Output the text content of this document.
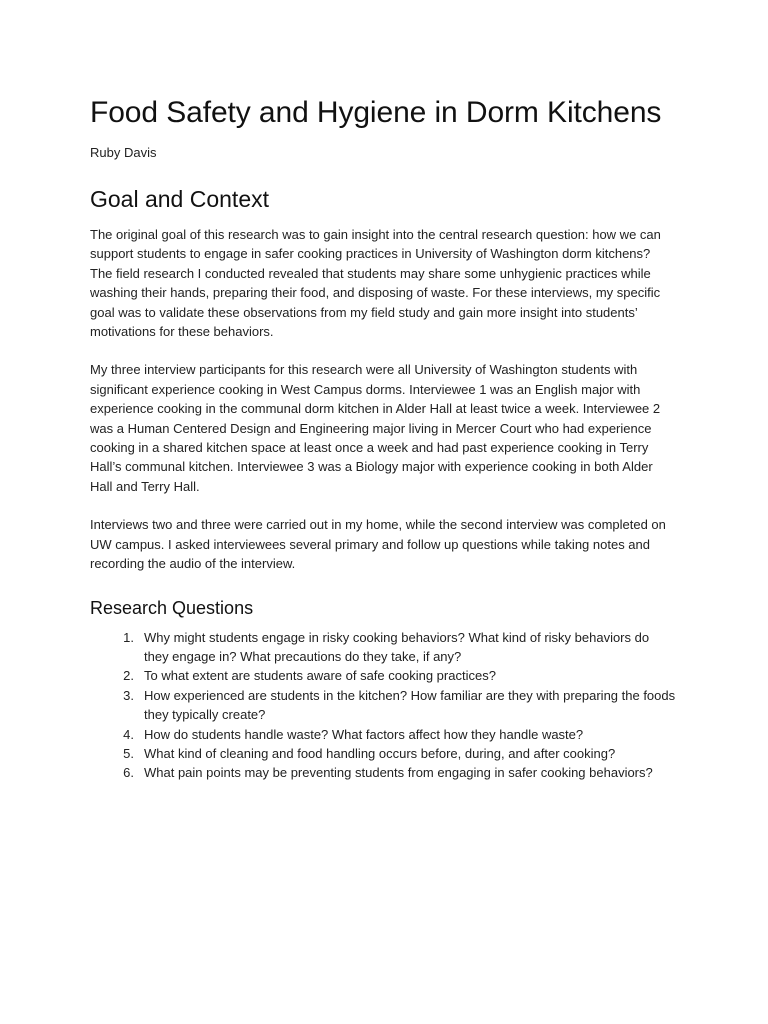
Food Safety and Hygiene in Dorm Kitchens

Ruby Davis

Goal and Context

The original goal of this research was to gain insight into the central research question: how we can support students to engage in safer cooking practices in University of Washington dorm kitchens? The field research I conducted revealed that students may share some unhygienic practices while washing their hands, preparing their food, and disposing of waste. For these interviews, my specific goal was to validate these observations from my field study and gain more insight into students’ motivations for these behaviors.

My three interview participants for this research were all University of Washington students with significant experience cooking in West Campus dorms. Interviewee 1 was an English major with experience cooking in the communal dorm kitchen in Alder Hall at least twice a week. Interviewee 2 was a Human Centered Design and Engineering major living in Mercer Court who had experience cooking in a shared kitchen space at least once a week and had past experience cooking in Terry Hall’s communal kitchen. Interviewee 3 was a Biology major with experience cooking in both Alder Hall and Terry Hall.

Interviews two and three were carried out in my home, while the second interview was completed on UW campus. I asked interviewees several primary and follow up questions while taking notes and recording the audio of the interview.

Research Questions
1. Why might students engage in risky cooking behaviors? What kind of risky behaviors do they engage in? What precautions do they take, if any?
2. To what extent are students aware of safe cooking practices?
3. How experienced are students in the kitchen? How familiar are they with preparing the foods they typically create?
4. How do students handle waste? What factors affect how they handle waste?
5. What kind of cleaning and food handling occurs before, during, and after cooking?
6. What pain points may be preventing students from engaging in safer cooking behaviors?
